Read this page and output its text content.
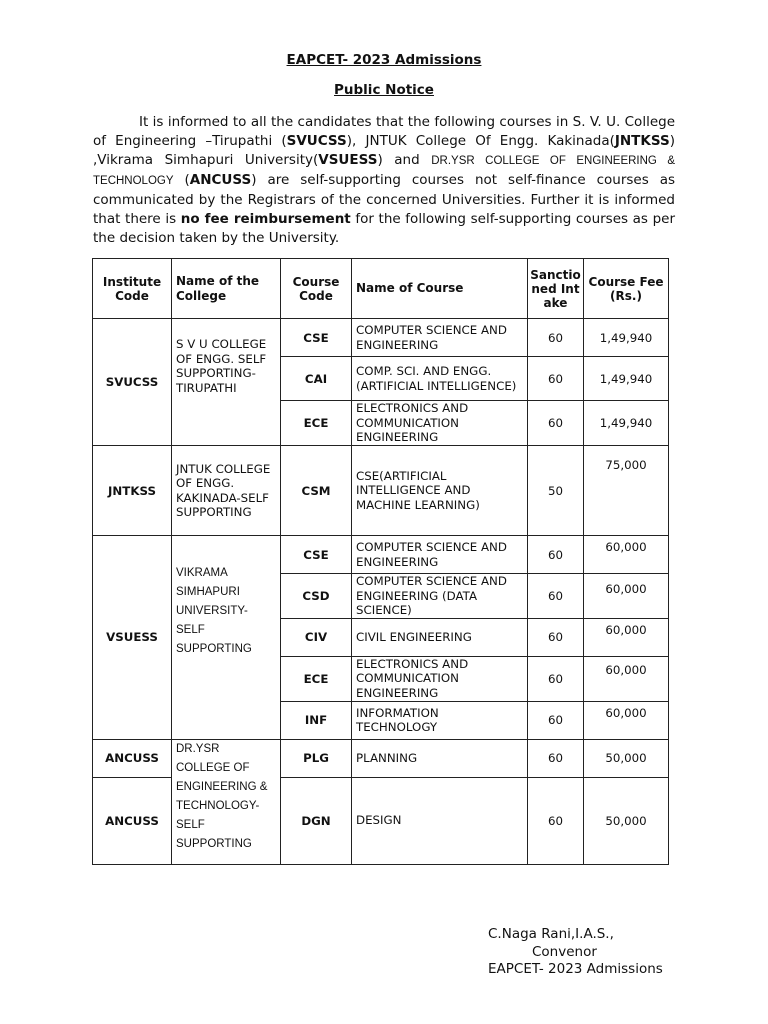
EAPCET- 2023 Admissions
Public Notice
It is informed to all the candidates that the following courses in S. V. U. College of Engineering –Tirupathi (SVUCSS), JNTUK College Of Engg. Kakinada(JNTKSS) ,Vikrama Simhapuri University(VSUESS) and DR.YSR COLLEGE OF ENGINEERING & TECHNOLOGY (ANCUSS) are self-supporting courses not self-finance courses as communicated by the Registrars of the concerned Universities. Further it is informed that there is no fee reimbursement for the following self-supporting courses as per the decision taken by the University.
Institute Code	Name of the College	Course Code	Name of Course	Sanctioned Intake	Course Fee (Rs.)
SVUCSS	S V U COLLEGE OF ENGG. SELF SUPPORTING-TIRUPATHI	CSE	COMPUTER SCIENCE AND ENGINEERING	60	1,49,940
		CAI	COMP. SCI. AND ENGG. (ARTIFICIAL INTELLIGENCE)	60	1,49,940
		ECE	ELECTRONICS AND COMMUNICATION ENGINEERING	60	1,49,940
JNTKSS	JNTUK COLLEGE OF ENGG. KAKINADA-SELF SUPPORTING	CSM	CSE(ARTIFICIAL INTELLIGENCE AND MACHINE LEARNING)	50	75,000
VSUESS	VIKRAMA SIMHAPURI UNIVERSITY-SELF SUPPORTING	CSE	COMPUTER SCIENCE AND ENGINEERING	60	60,000
		CSD	COMPUTER SCIENCE AND ENGINEERING (DATA SCIENCE)	60	60,000
		CIV	CIVIL ENGINEERING	60	60,000
		ECE	ELECTRONICS AND COMMUNICATION ENGINEERING	60	60,000
		INF	INFORMATION TECHNOLOGY	60	60,000
ANCUSS	DR.YSR COLLEGE OF ENGINEERING & TECHNOLOGY-SELF SUPPORTING	PLG	PLANNING	60	50,000
ANCUSS		DGN	DESIGN	60	50,000
C.Naga Rani,I.A.S.,
Convenor
EAPCET- 2023 Admissions
